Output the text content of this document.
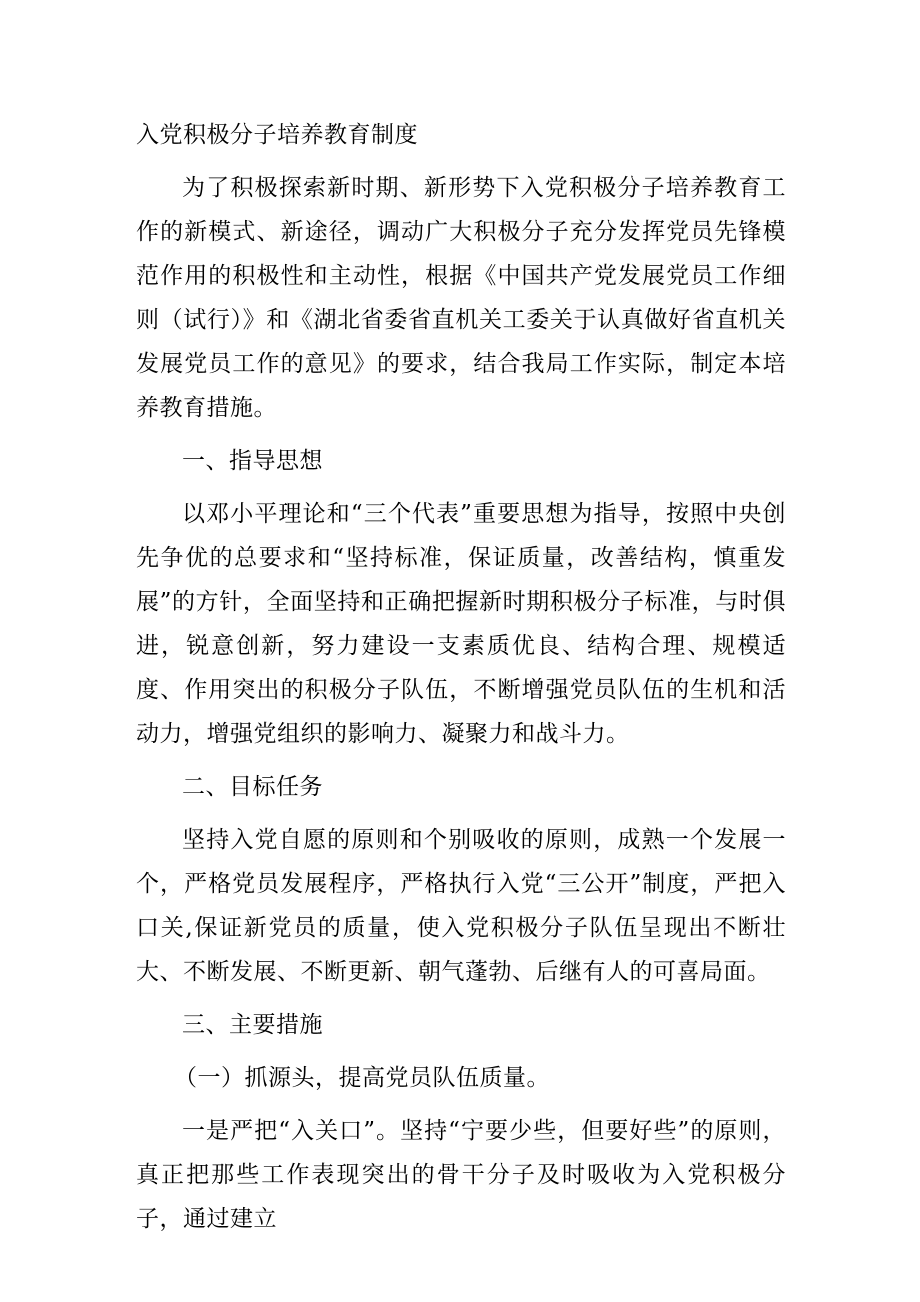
入党积极分子培养教育制度

为了积极探索新时期、新形势下入党积极分子培养教育工作的新模式、新途径，调动广大积极分子充分发挥党员先锋模范作用的积极性和主动性，根据《中国共产党发展党员工作细则（试行）》和《湖北省委省直机关工委关于认真做好省直机关发展党员工作的意见》的要求，结合我局工作实际，制定本培养教育措施。

一、指导思想

以邓小平理论和“三个代表”重要思想为指导，按照中央创先争优的总要求和“坚持标准，保证质量，改善结构，慎重发展”的方针，全面坚持和正确把握新时期积极分子标准，与时俱进，锐意创新，努力建设一支素质优良、结构合理、规模适度、作用突出的积极分子队伍，不断增强党员队伍的生机和活动力，增强党组织的影响力、凝聚力和战斗力。

二、目标任务

坚持入党自愿的原则和个别吸收的原则，成熟一个发展一个，严格党员发展程序，严格执行入党“三公开”制度，严把入口关,保证新党员的质量，使入党积极分子队伍呈现出不断壮大、不断发展、不断更新、朝气蓬勃、后继有人的可喜局面。

三、主要措施

（一）抓源头，提高党员队伍质量。

一是严把“入关口”。坚持“宁要少些，但要好些”的原则，真正把那些工作表现突出的骨干分子及时吸收为入党积极分子，通过建立
